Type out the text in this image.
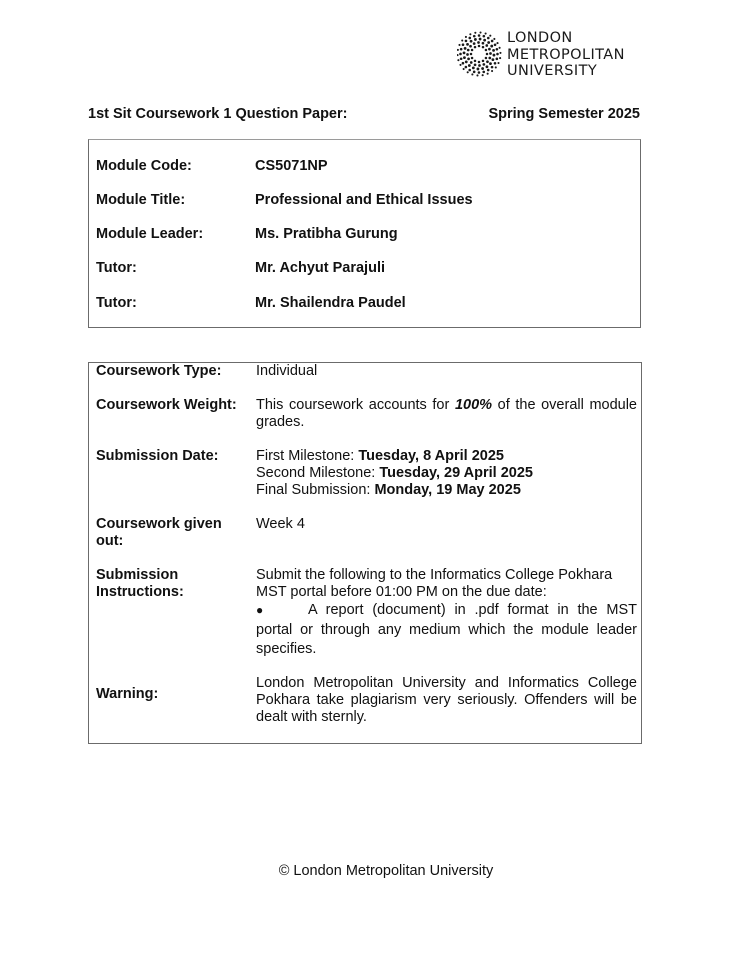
LONDON
METROPOLITAN
UNIVERSITY
1st Sit Coursework 1 Question Paper:	Spring Semester 2025
Module Code:	CS5071NP
Module Title:	Professional and Ethical Issues
Module Leader:	Ms. Pratibha Gurung
Tutor:	Mr. Achyut Parajuli
Tutor:	Mr. Shailendra Paudel
Coursework Type:	Individual
Coursework Weight:	This coursework accounts for 100% of the overall module grades.
Submission Date:	First Milestone: Tuesday, 8 April 2025
Second Milestone: Tuesday, 29 April 2025
Final Submission: Monday, 19 May 2025
Coursework given out:
Week 4
Submission Instructions:
Submit the following to the Informatics College Pokhara MST portal before 01:00 PM on the due date:
●	A report (document) in .pdf format in the MST portal or through any medium which the module leader specifies.
Warning:
London Metropolitan University and Informatics College Pokhara take plagiarism very seriously. Offenders will be dealt with sternly.
© London Metropolitan University
